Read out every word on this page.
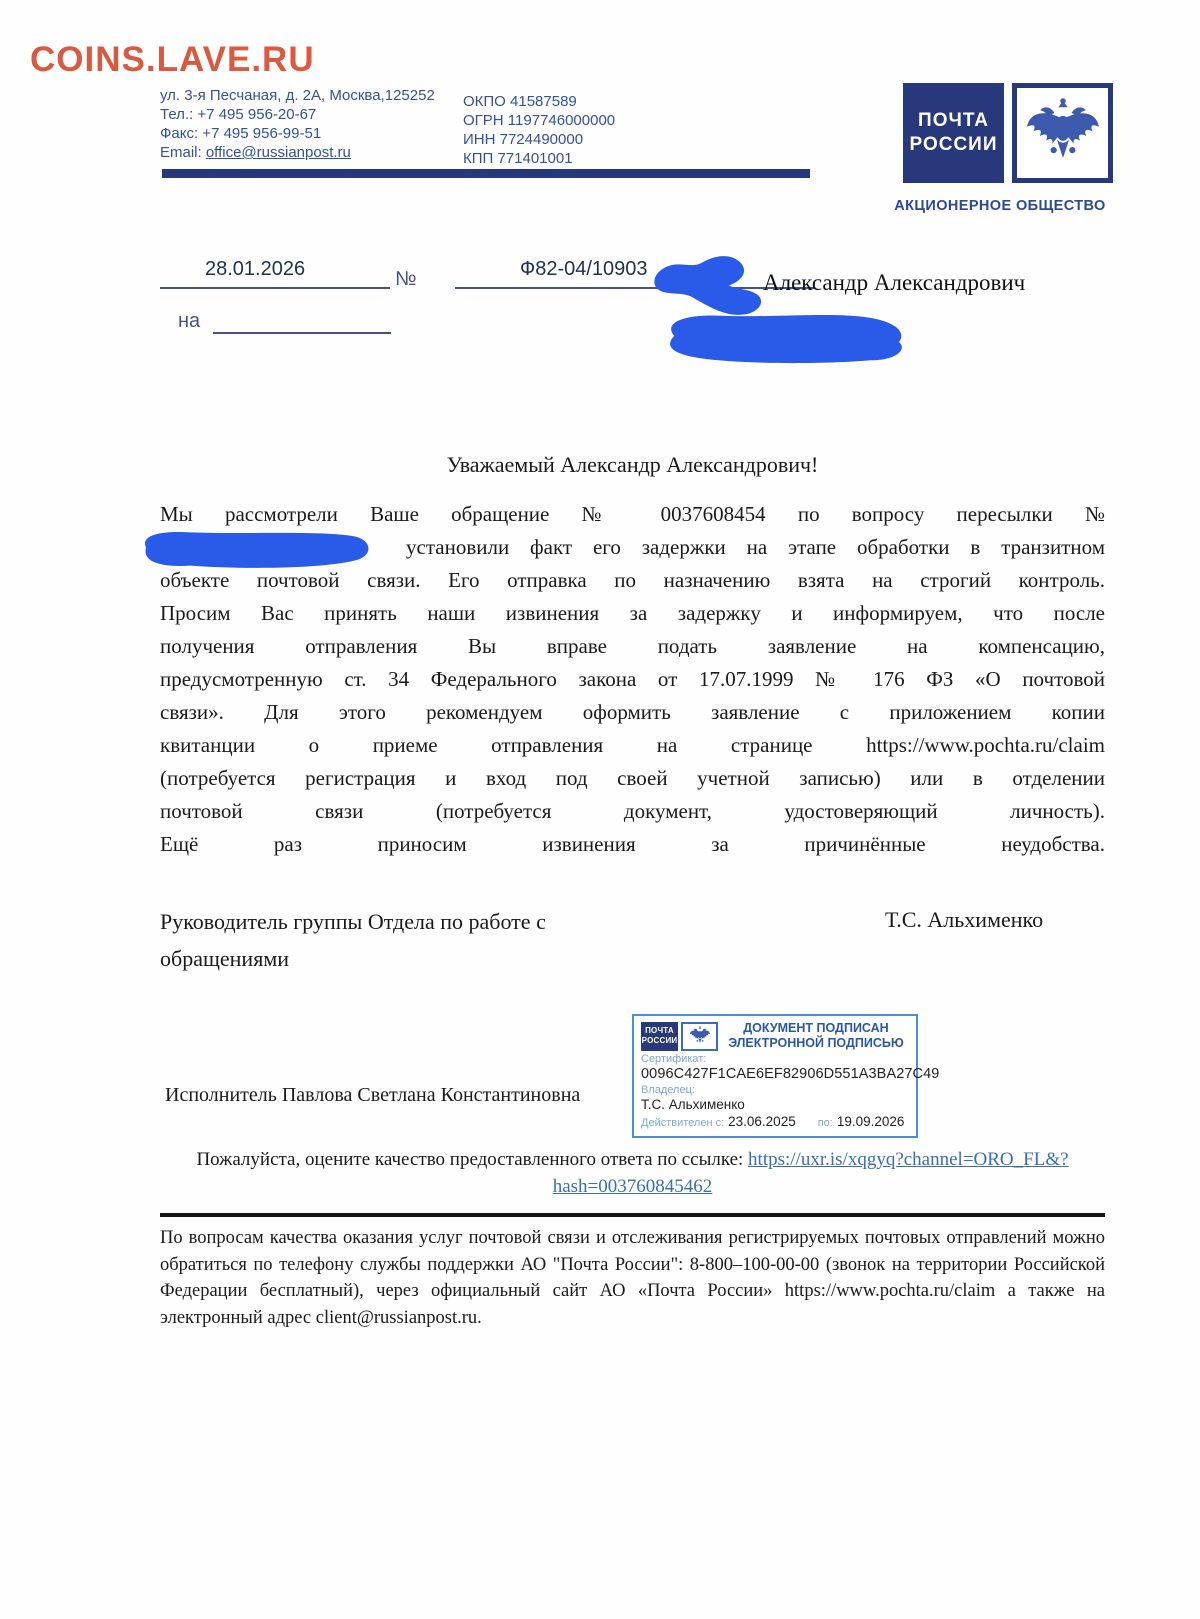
COINS.LAVE.RU
ул. 3-я Песчаная, д. 2А, Москва,125252
Тел.: +7 495 956-20-67
Факс: +7 495 956-99-51
Email: office@russianpost.ru
ОКПО 41587589
ОГРН 1197746000000
ИНН 7724490000
КПП 771401001
ПОЧТА
РОССИИ
АКЦИОНЕРНОЕ ОБЩЕСТВО
28.01.2026	№	Ф82-04/10903
на
Александр Александрович
Уважаемый Александр Александрович!
Мы рассмотрели Ваше обращение № 0037608454 по вопросу пересылки №
установили факт его задержки на этапе обработки в транзитном
объекте почтовой связи. Его отправка по назначению взята на строгий контроль.
Просим Вас принять наши извинения за задержку и информируем, что после
получения отправления Вы вправе подать заявление на компенсацию,
предусмотренную ст. 34 Федерального закона от 17.07.1999 № 176 ФЗ «О почтовой
связи». Для этого рекомендуем оформить заявление с приложением копии
квитанции о приеме отправления на странице https://www.pochta.ru/claim
(потребуется регистрация и вход под своей учетной записью) или в отделении
почтовой связи (потребуется документ, удостоверяющий личность).
Ещё раз приносим извинения за причинённые неудобства.
Руководитель группы Отдела по работе с обращениями
Т.С. Альхименко
ПОЧТА
РОССИИ
ДОКУМЕНТ ПОДПИСАН
ЭЛЕКТРОННОЙ ПОДПИСЬЮ
Сертификат:
0096C427F1CAE6EF82906D551A3BA27C49
Владелец:
Т.С. Альхименко
Действителен с: 23.06.2025 по: 19.09.2026
Исполнитель Павлова Светлана Константиновна
Пожалуйста, оцените качество предоставленного ответа по ссылке: https://uxr.is/xqgyq?channel=ORO_FL&?
hash=003760845462
По вопросам качества оказания услуг почтовой связи и отслеживания регистрируемых почтовых отправлений можно обратиться по телефону службы поддержки АО "Почта России": 8-800–100-00-00 (звонок на территории Российской Федерации бесплатный), через официальный сайт АО «Почта России» https://www.pochta.ru/claim а также на электронный адрес client@russianpost.ru.
